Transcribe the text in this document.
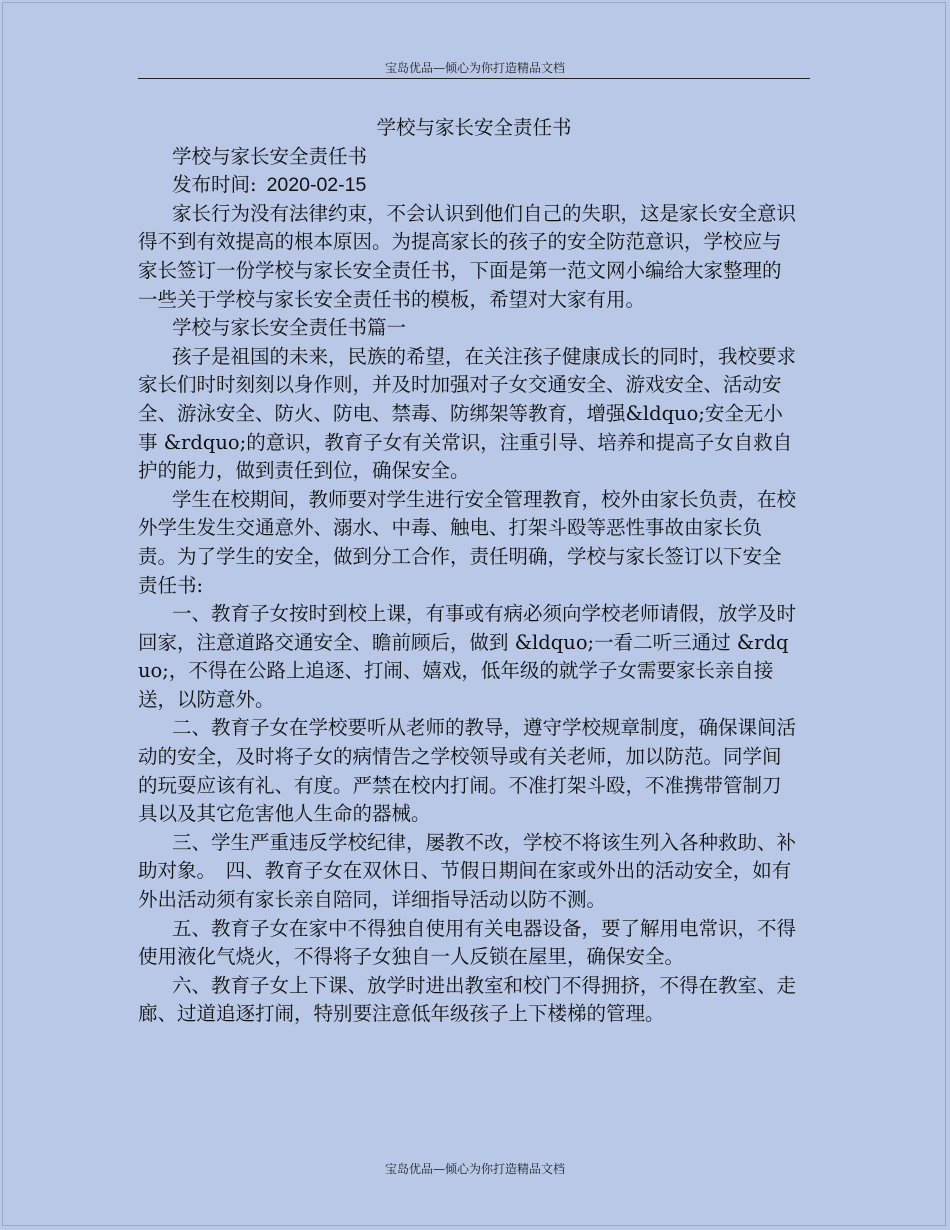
宝岛优品—倾心为你打造精品文档
学校与家长安全责任书

学校与家长安全责任书

发布时间: 2020-02-15

家长行为没有法律约束，不会认识到他们自己的失职，这是家长安全意识得不到有效提高的根本原因。为提高家长的孩子的安全防范意识，学校应与家长签订一份学校与家长安全责任书，下面是第一范文网小编给大家整理的一些关于学校与家长安全责任书的模板，希望对大家有用。

学校与家长安全责任书篇一

孩子是祖国的未来，民族的希望，在关注孩子健康成长的同时，我校要求家长们时时刻刻以身作则，并及时加强对子女交通安全、游戏安全、活动安全、游泳安全、防火、防电、禁毒、防绑架等教育，增强&ldquo;安全无小事 &rdquo;的意识，教育子女有关常识，注重引导、培养和提高子女自救自护的能力，做到责任到位，确保安全。

学生在校期间，教师要对学生进行安全管理教育，校外由家长负责，在校外学生发生交通意外、溺水、中毒、触电、打架斗殴等恶性事故由家长负责。为了学生的安全，做到分工合作，责任明确，学校与家长签订以下安全责任书:

一、教育子女按时到校上课，有事或有病必须向学校老师请假，放学及时回家，注意道路交通安全、瞻前顾后，做到 &ldquo;一看二听三通过 &rdquo;，不得在公路上追逐、打闹、嬉戏，低年级的就学子女需要家长亲自接送，以防意外。

二、教育子女在学校要听从老师的教导，遵守学校规章制度，确保课间活动的安全，及时将子女的病情告之学校领导或有关老师，加以防范。同学间的玩耍应该有礼、有度。严禁在校内打闹。不准打架斗殴，不准携带管制刀具以及其它危害他人生命的器械。

三、学生严重违反学校纪律，屡教不改，学校不将该生列入各种救助、补助对象。　四、教育子女在双休日、节假日期间在家或外出的活动安全，如有外出活动须有家长亲自陪同，详细指导活动以防不测。

五、教育子女在家中不得独自使用有关电器设备，要了解用电常识，不得使用液化气烧火，不得将子女独自一人反锁在屋里，确保安全。

六、教育子女上下课、放学时进出教室和校门不得拥挤，不得在教室、走廊、过道追逐打闹，特别要注意低年级孩子上下楼梯的管理。

宝岛优品—倾心为你打造精品文档
